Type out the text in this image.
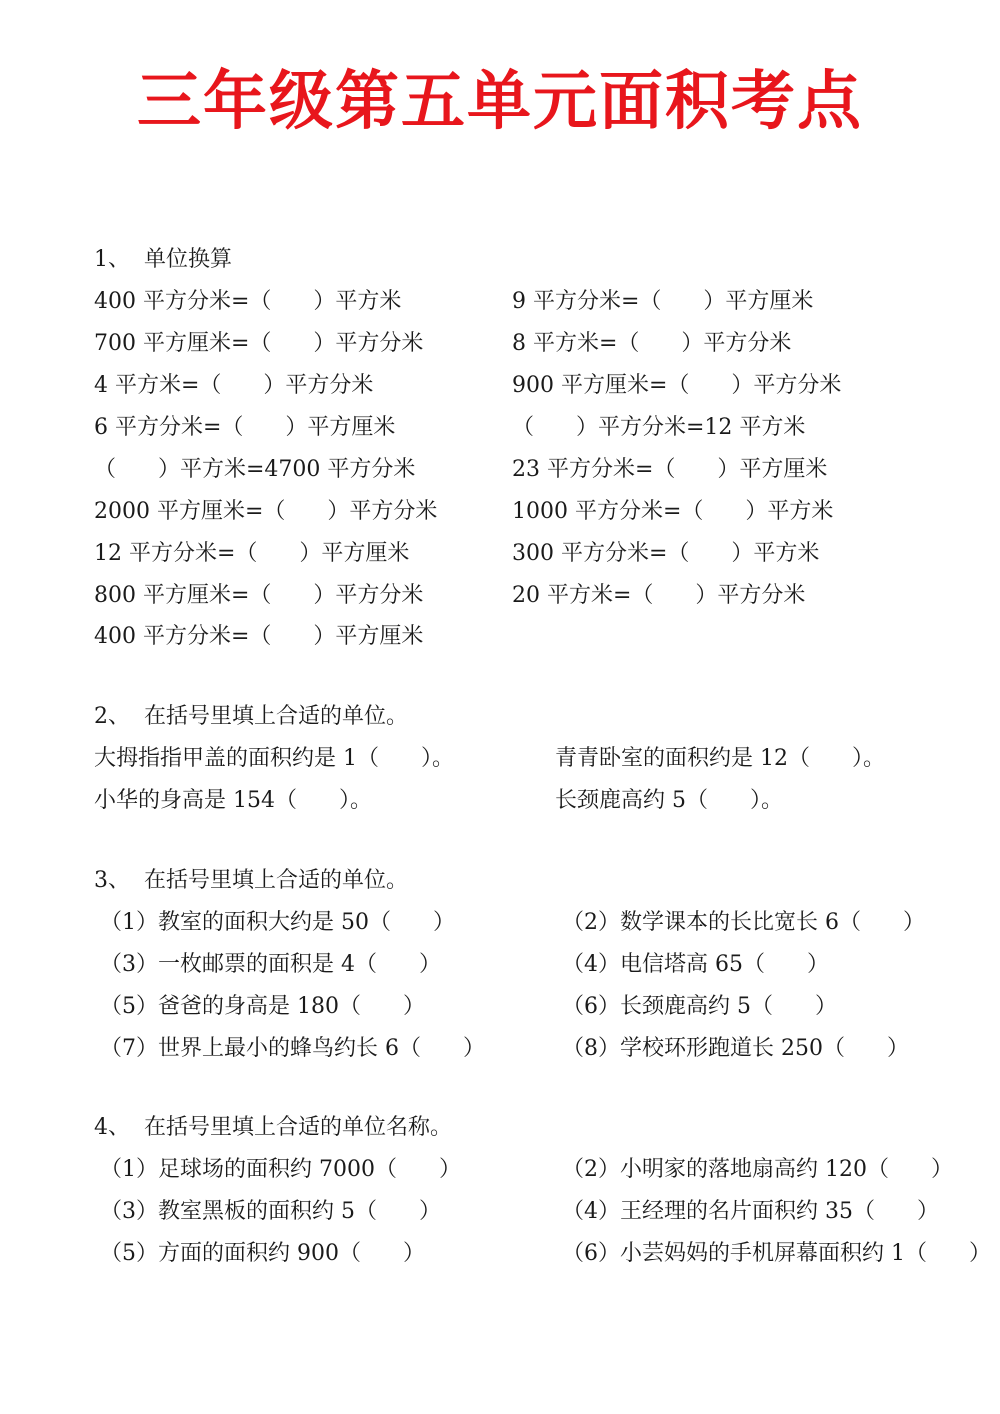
三年级第五单元面积考点
1、  单位换算
400 平方分米=（      ）平方米
700 平方厘米=（      ）平方分米
4 平方米=（      ）平方分米
6 平方分米=（      ）平方厘米
（      ）平方米=4700 平方分米
2000 平方厘米=（      ）平方分米
12 平方分米=（      ）平方厘米
800 平方厘米=（      ）平方分米
400 平方分米=（      ）平方厘米
9 平方分米=（      ）平方厘米
8 平方米=（      ）平方分米
900 平方厘米=（      ）平方分米
（      ）平方分米=12 平方米
23 平方分米=（      ）平方厘米
1000 平方分米=（      ）平方米
300 平方分米=（      ）平方米
20 平方米=（      ）平方分米
2、  在括号里填上合适的单位。
大拇指指甲盖的面积约是 1（      ）。
小华的身高是 154（      ）。
青青卧室的面积约是 12（      ）。
长颈鹿高约 5（      ）。
3、  在括号里填上合适的单位。
（1）教室的面积大约是 50（      ）
（3）一枚邮票的面积是 4（      ）
（5）爸爸的身高是 180（      ）
（7）世界上最小的蜂鸟约长 6（      ）
（2）数学课本的长比宽长 6（      ）
（4）电信塔高 65（      ）
（6）长颈鹿高约 5（      ）
（8）学校环形跑道长 250（      ）
4、  在括号里填上合适的单位名称。
（1）足球场的面积约 7000（      ）
（3）教室黑板的面积约 5（      ）
（5）方面的面积约 900（      ）
（2）小明家的落地扇高约 120（      ）
（4）王经理的名片面积约 35（      ）
（6）小芸妈妈的手机屏幕面积约 1（      ）
